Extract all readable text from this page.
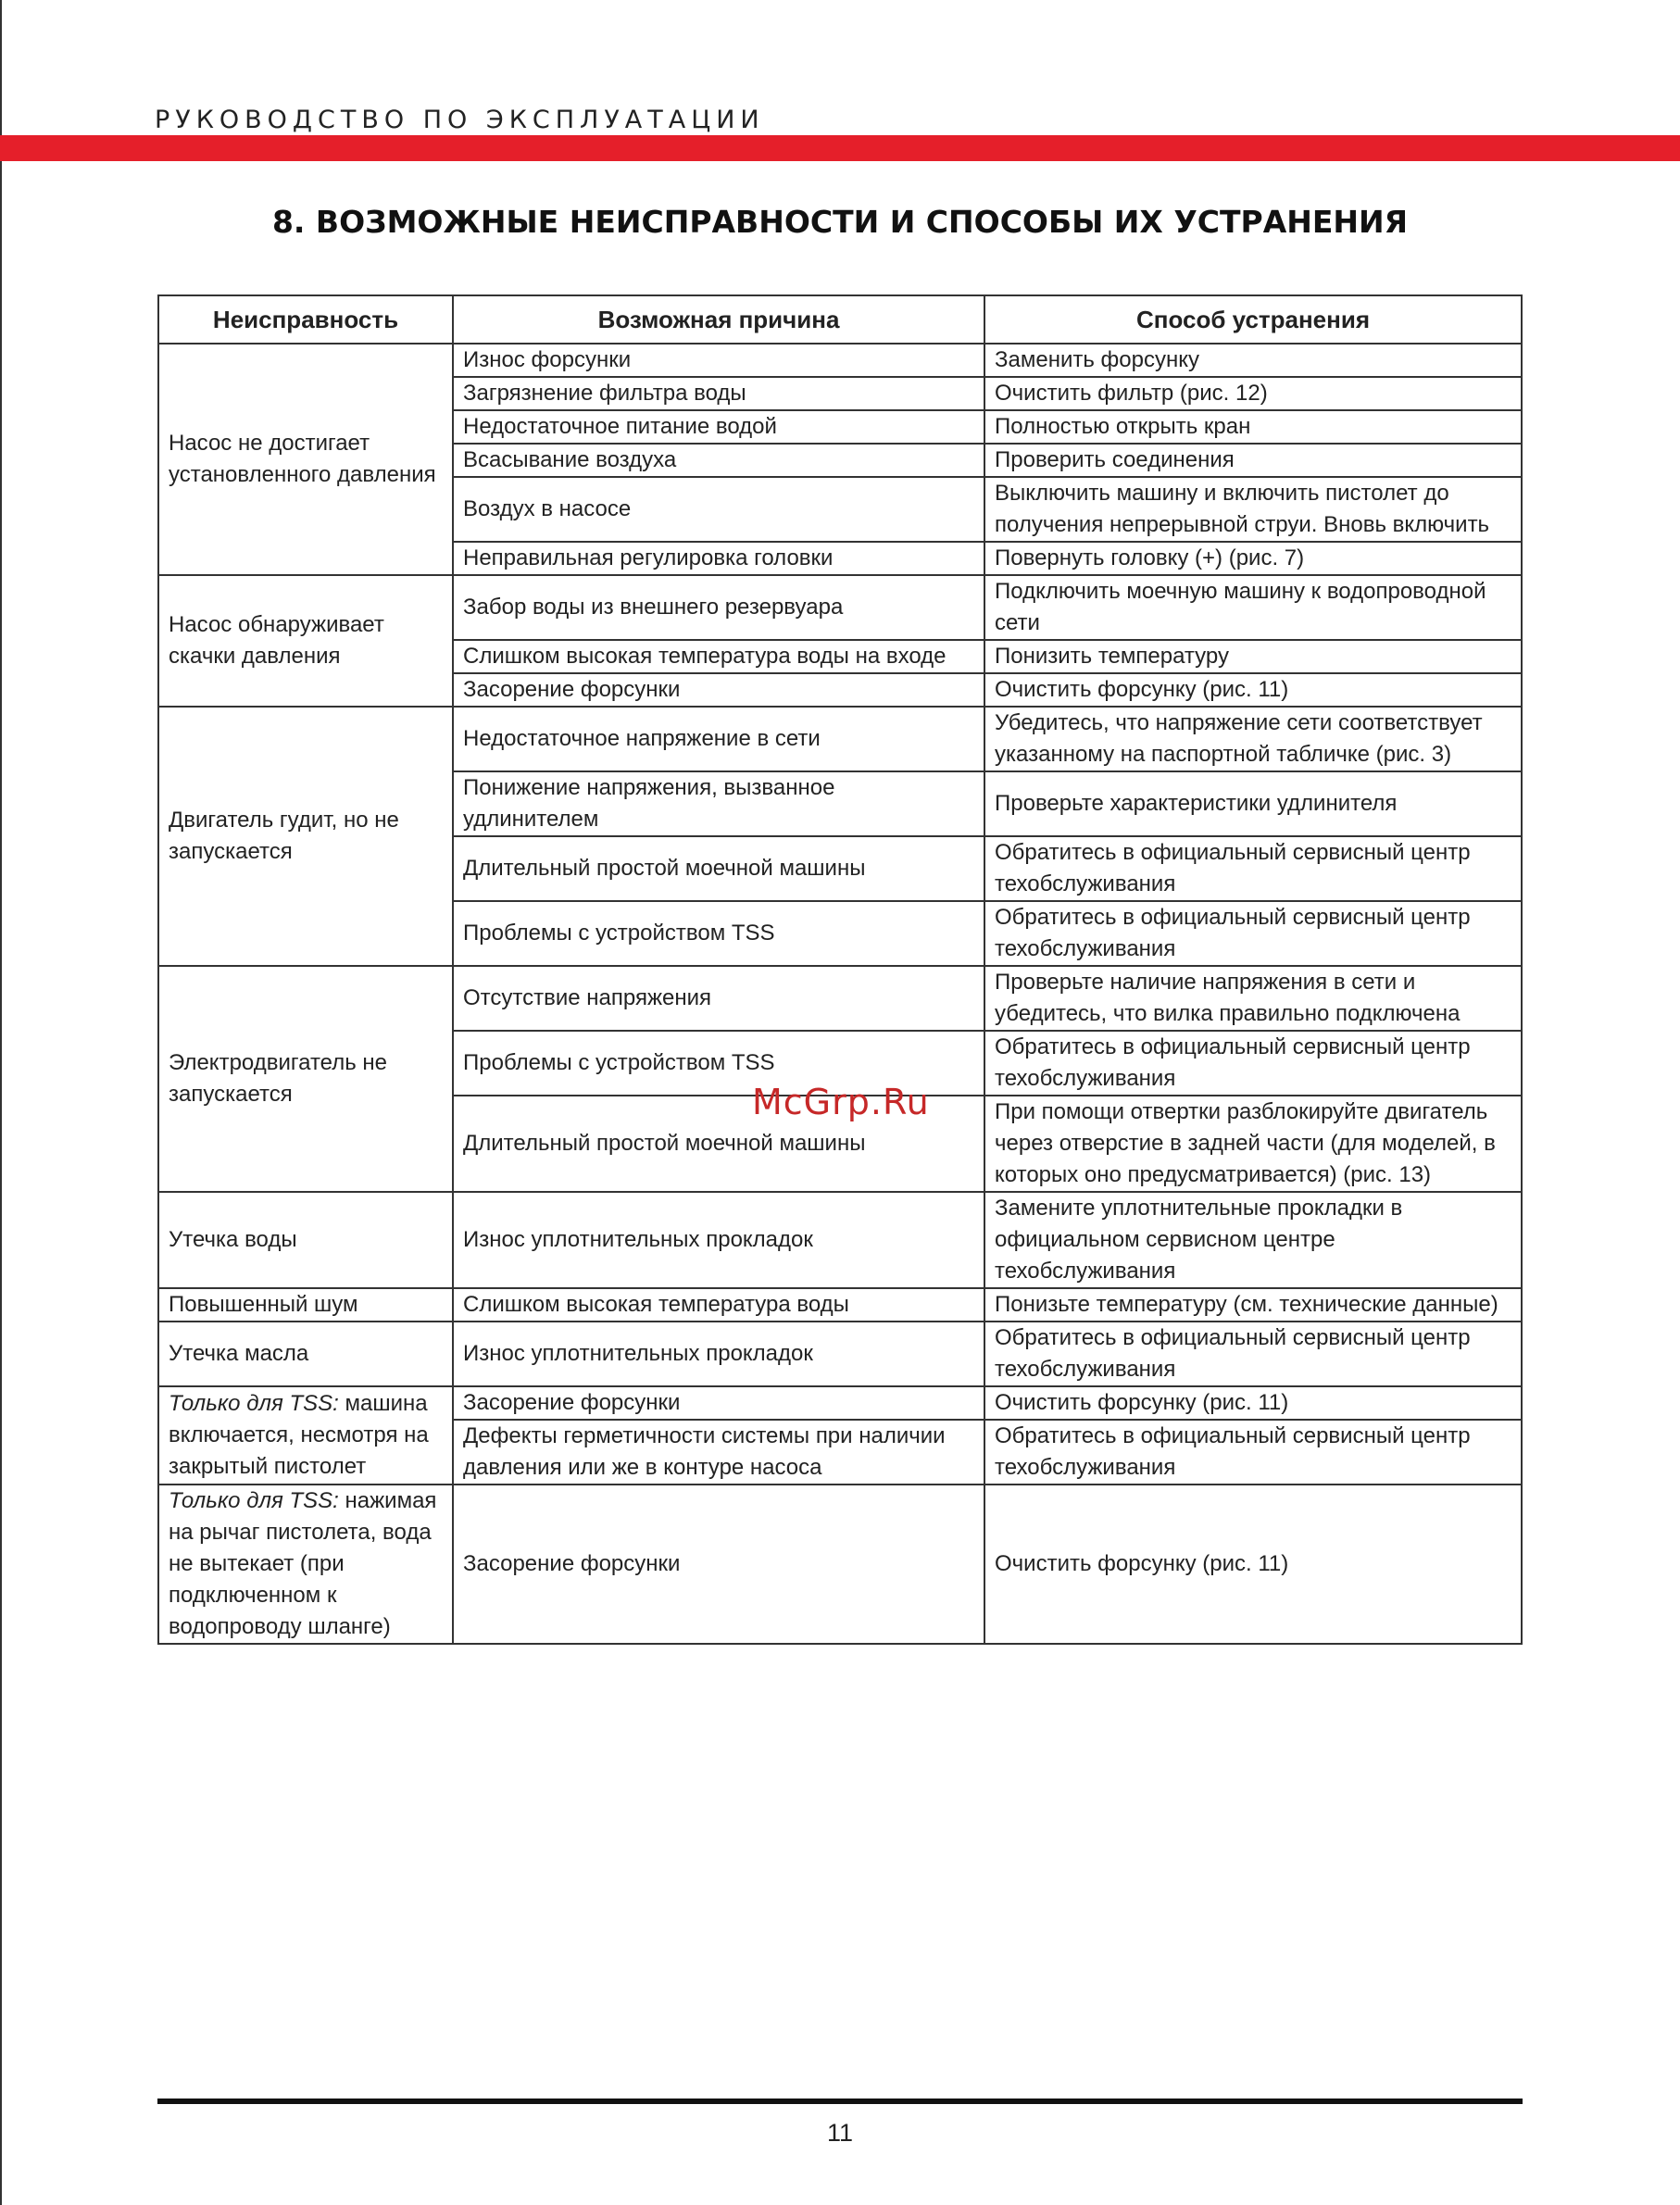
РУКОВОДСТВО ПО ЭКСПЛУАТАЦИИ
8. ВОЗМОЖНЫЕ НЕИСПРАВНОСТИ И СПОСОБЫ ИХ УСТРАНЕНИЯ
Неисправность	Возможная причина	Способ устранения
Насос не достигает установленного давления	Износ форсунки	Заменить форсунку
	Загрязнение фильтра воды	Очистить фильтр (рис. 12)
	Недостаточное питание водой	Полностью открыть кран
	Всасывание воздуха	Проверить соединения
	Воздух в насосе	Выключить машину и включить пистолет до получения непрерывной струи. Вновь включить
	Неправильная регулировка головки	Повернуть головку (+) (рис. 7)
Насос обнаруживает скачки давления	Забор воды из внешнего резервуара	Подключить моечную машину к водопроводной сети
	Слишком высокая температура воды на входе	Понизить температуру
	Засорение форсунки	Очистить форсунку (рис. 11)
Двигатель гудит, но не запускается	Недостаточное напряжение в сети	Убедитесь, что напряжение сети соответствует указанному на паспортной табличке (рис. 3)
	Понижение напряжения, вызванное удлинителем	Проверьте характеристики удлинителя
	Длительный простой моечной машины	Обратитесь в официальный сервисный центр техобслуживания
	Проблемы с устройством TSS	Обратитесь в официальный сервисный центр техобслуживания
Электродвигатель не запускается	Отсутствие напряжения	Проверьте наличие напряжения в сети и убедитесь, что вилка правильно подключена
	Проблемы с устройством TSS	Обратитесь в официальный сервисный центр техобслуживания
	Длительный простой моечной машины	При помощи отвертки разблокируйте двигатель через отверстие в задней части (для моделей, в которых оно предусматривается) (рис. 13)
Утечка воды	Износ уплотнительных прокладок	Замените уплотнительные прокладки в официальном сервисном центре техобслуживания
Повышенный шум	Слишком высокая температура воды	Понизьте температуру (см. технические данные)
Утечка масла	Износ уплотнительных прокладок	Обратитесь в официальный сервисный центр техобслуживания
Только для TSS: машина включается, несмотря на закрытый пистолет	Засорение форсунки	Очистить форсунку (рис. 11)
	Дефекты герметичности системы при наличии давления или же в контуре насоса	Обратитесь в официальный сервисный центр техобслуживания
Только для TSS: нажимая на рычаг пистолета, вода не вытекает (при подключенном к водопроводу шланге)	Засорение форсунки	Очистить форсунку (рис. 11)
McGrp.Ru
11
